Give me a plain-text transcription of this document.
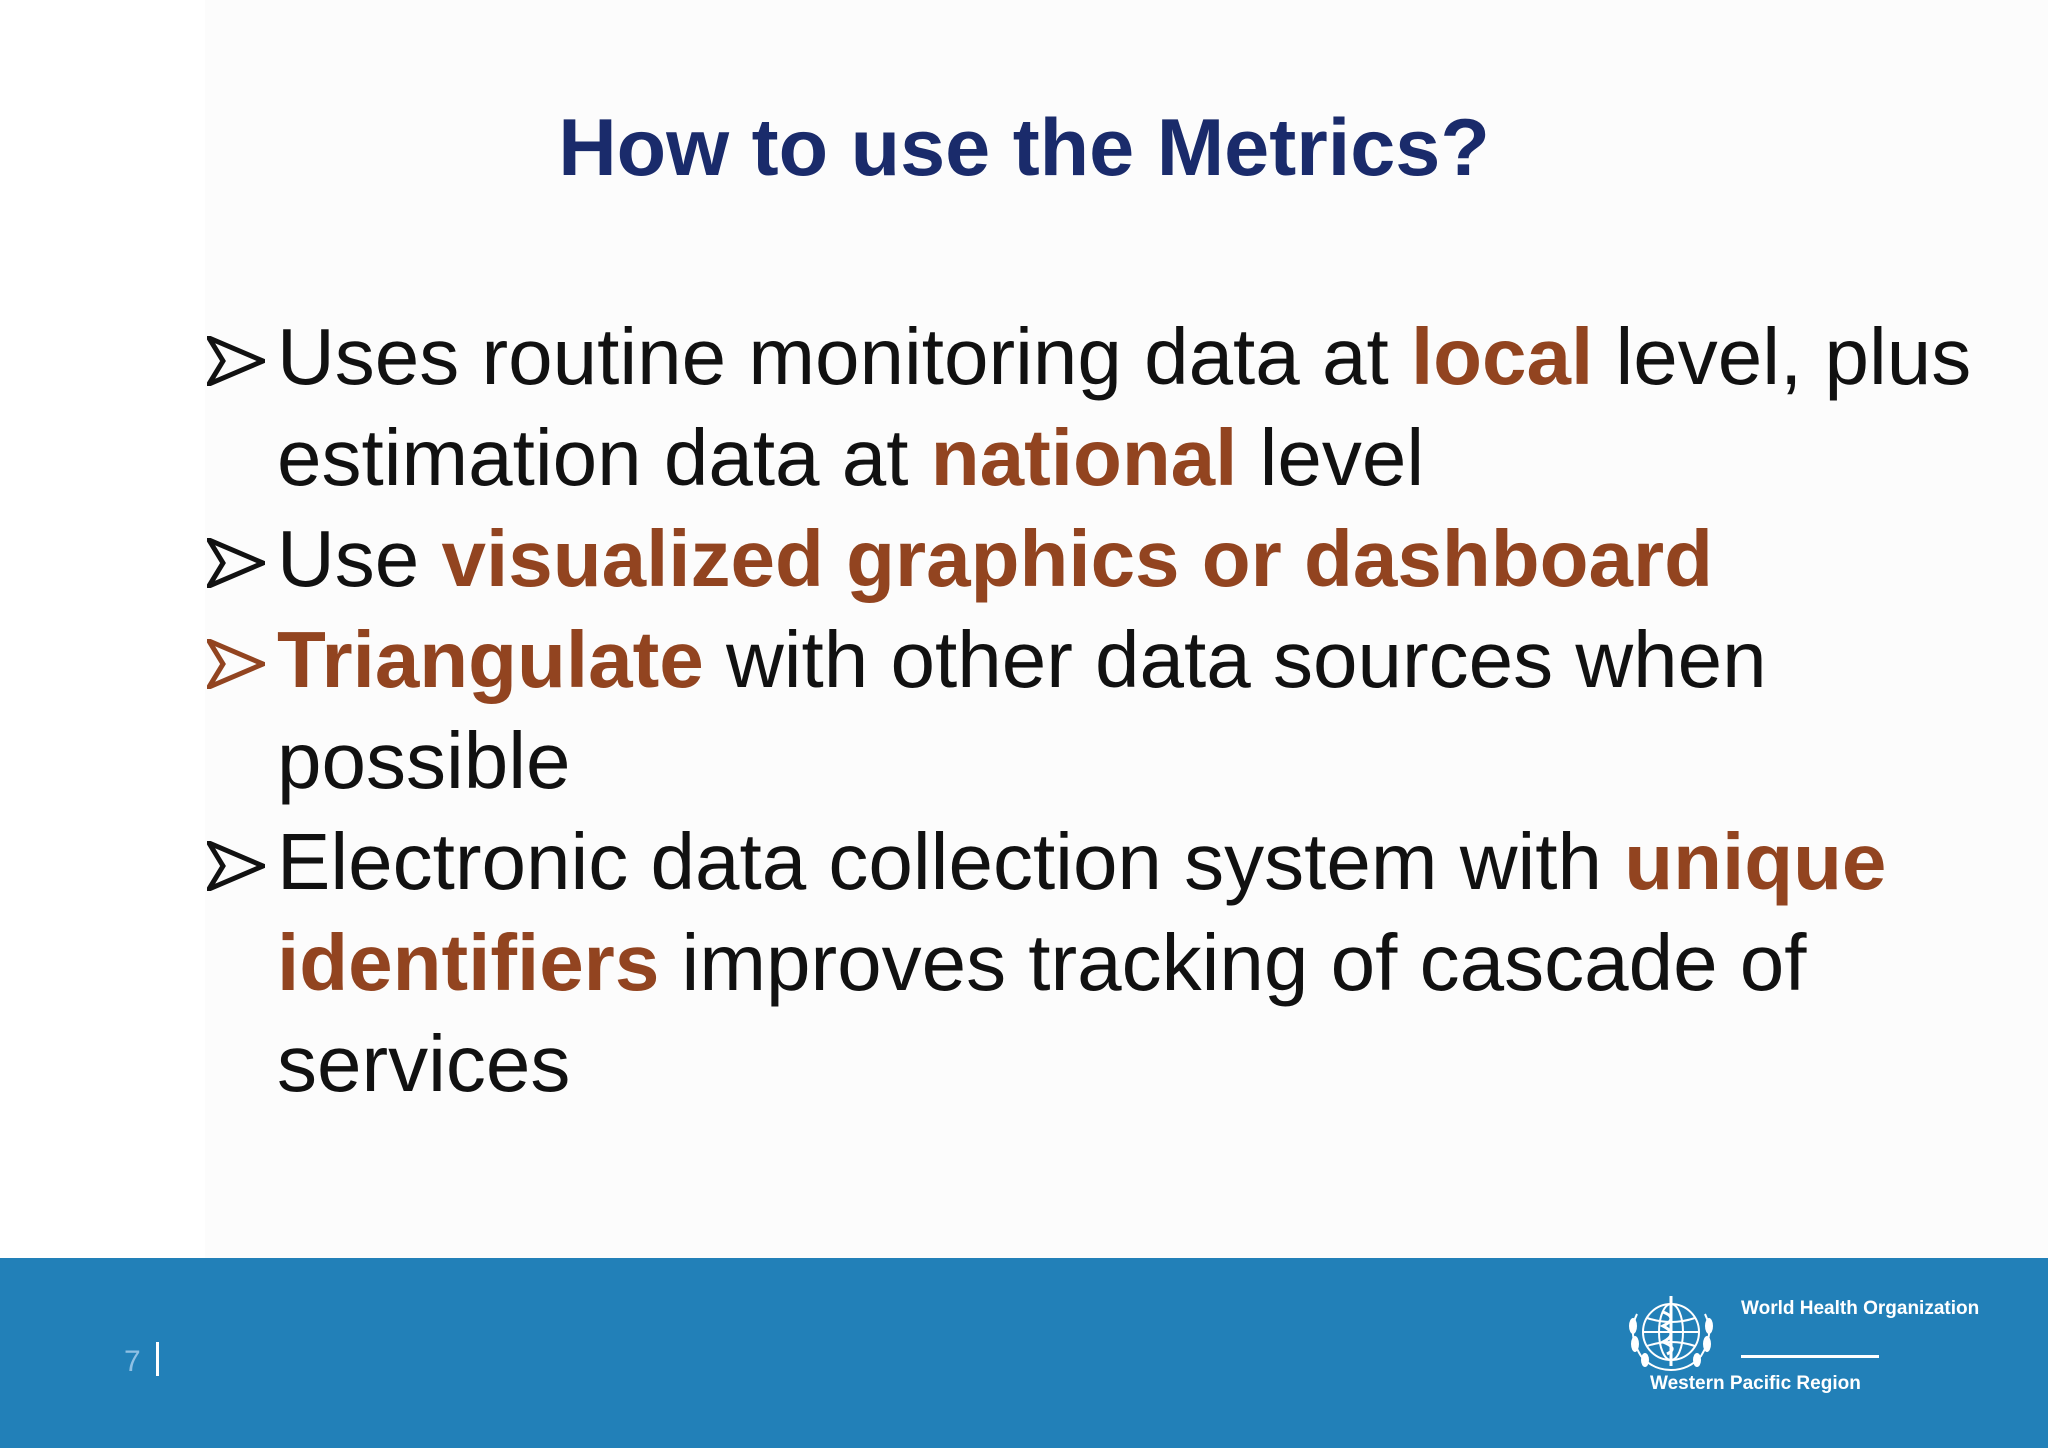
How to use the Metrics?
Uses routine monitoring data at local level, plus estimation data at national level
Use visualized graphics or dashboard
Triangulate with other data sources when possible
Electronic data collection system with unique identifiers improves tracking of cascade of services
7
World Health Organization
Western Pacific Region
